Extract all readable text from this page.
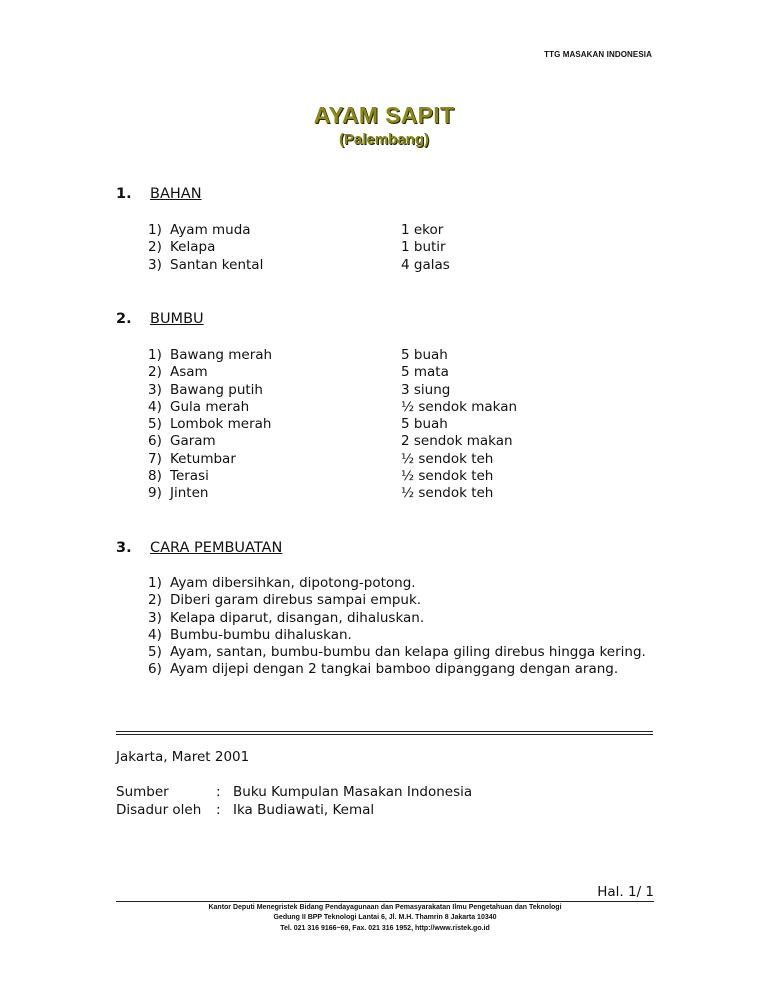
TTG MASAKAN INDONESIA
AYAM SAPIT
(Palembang)
1. BAHAN
1) Ayam muda	1 ekor
2) Kelapa	1 butir
3) Santan kental	4 galas
2. BUMBU
1) Bawang merah	5 buah
2) Asam	5 mata
3) Bawang putih	3 siung
4) Gula merah	½ sendok makan
5) Lombok merah	5 buah
6) Garam	2 sendok makan
7) Ketumbar	½ sendok teh
8) Terasi	½ sendok teh
9) Jinten	½ sendok teh
3. CARA PEMBUATAN
1) Ayam dibersihkan, dipotong-potong.
2) Diberi garam direbus sampai empuk.
3) Kelapa diparut, disangan, dihaluskan.
4) Bumbu-bumbu dihaluskan.
5) Ayam, santan, bumbu-bumbu dan kelapa giling direbus hingga kering.
6) Ayam dijepi dengan 2 tangkai bamboo dipanggang dengan arang.
Jakarta, Maret 2001
Sumber	: Buku Kumpulan Masakan Indonesia
Disadur oleh : Ika Budiawati, Kemal
Hal. 1/ 1
Kantor Deputi Menegristek Bidang Pendayagunaan dan Pemasyarakatan Ilmu Pengetahuan dan Teknologi
Gedung II BPP Teknologi Lantai 6, Jl. M.H. Thamrin 8 Jakarta 10340
Tel. 021 316 9166~69, Fax. 021 316 1952, http://www.ristek.go.id
